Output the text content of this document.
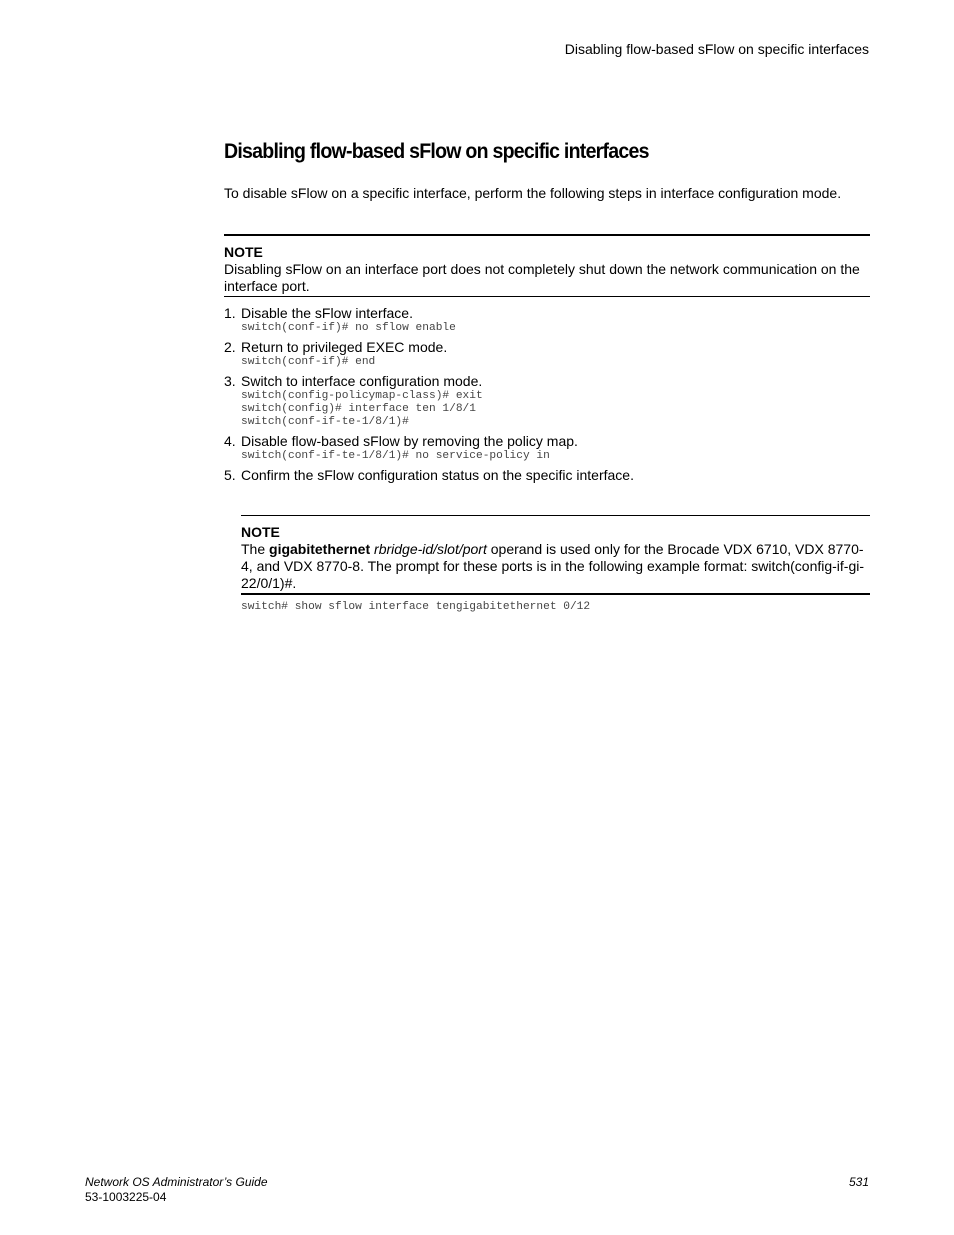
Disabling flow-based sFlow on specific interfaces
Disabling flow-based sFlow on specific interfaces
To disable sFlow on a specific interface, perform the following steps in interface configuration mode.
NOTE
Disabling sFlow on an interface port does not completely shut down the network communication on the interface port.
1. Disable the sFlow interface.
switch(conf-if)# no sflow enable
2. Return to privileged EXEC mode.
switch(conf-if)# end
3. Switch to interface configuration mode.
switch(config-policymap-class)# exit
switch(config)# interface ten 1/8/1
switch(conf-if-te-1/8/1)#
4. Disable flow-based sFlow by removing the policy map.
switch(conf-if-te-1/8/1)# no service-policy in
5. Confirm the sFlow configuration status on the specific interface.
NOTE
The gigabitethernet rbridge-id/slot/port operand is used only for the Brocade VDX 6710, VDX 8770-4, and VDX 8770-8. The prompt for these ports is in the following example format: switch(config-if-gi-22/0/1)#.
switch# show sflow interface tengigabitethernet 0/12
Network OS Administrator’s Guide
53-1003225-04
531
